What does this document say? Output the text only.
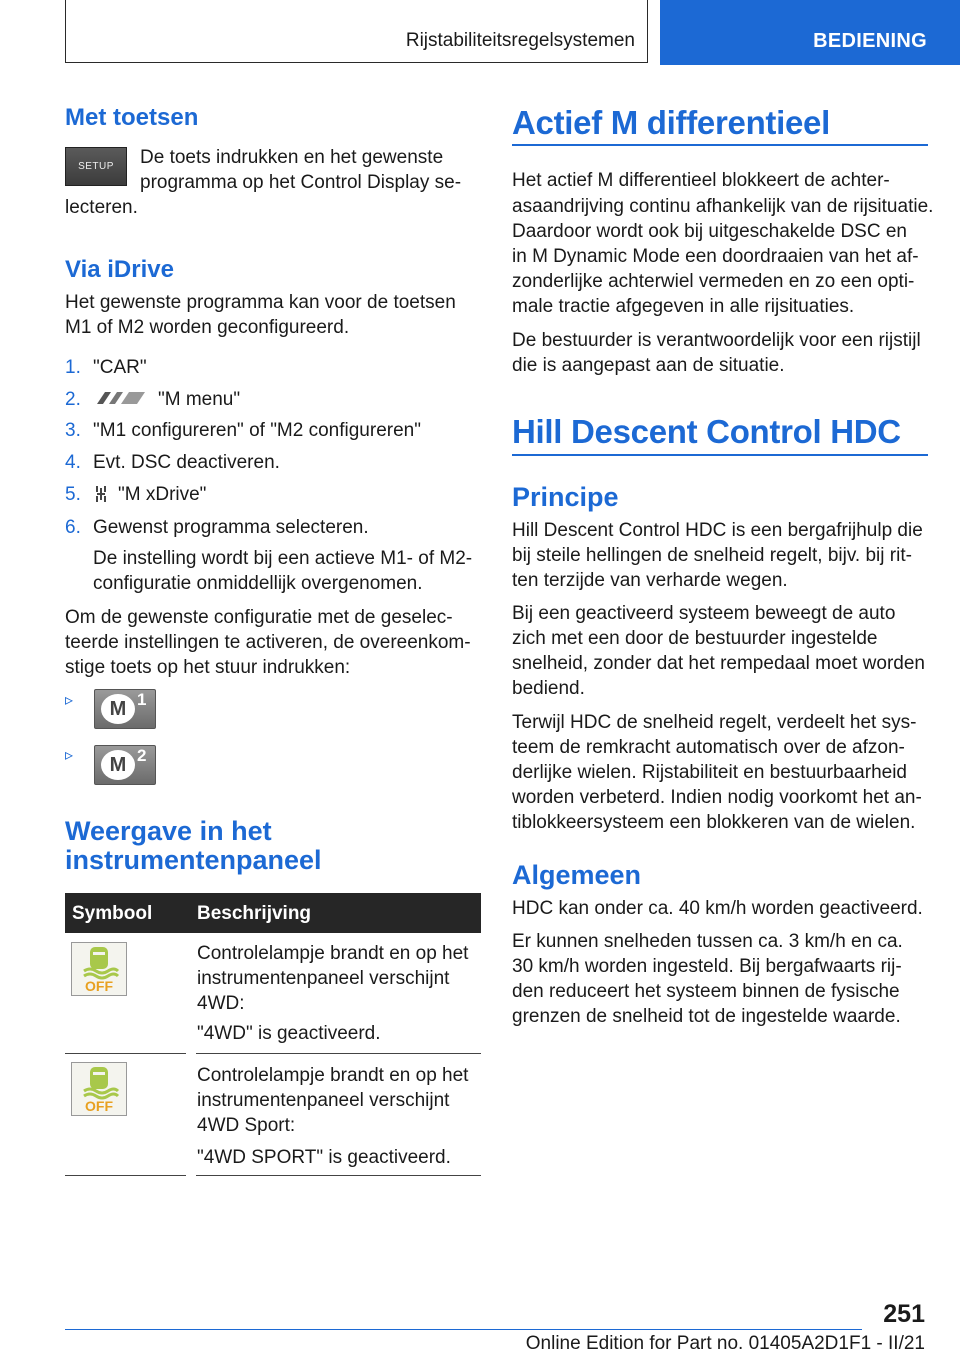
Rijstabiliteitsregelsystemen	BEDIENING
Met toetsen
SETUP	De toets indrukken en het gewenste
programma op het Control Display se-
lecteren.
Via iDrive
Het gewenste programma kan voor de toetsen
M1 of M2 worden geconfigureerd.
1. "CAR"
2.	"M menu"
3. "M1 configureren" of "M2 configureren"
4. Evt. DSC deactiveren.
5. "M xDrive"
6. Gewenst programma selecteren.
De instelling wordt bij een actieve M1- of M2-
configuratie onmiddellijk overgenomen.
Om de gewenste configuratie met de geselec-
teerde instellingen te activeren, de overeenkom-
stige toets op het stuur indrukken:
▹	M 1
▹	M 2
Weergave in het
instrumentenpaneel
Symbool Beschrijving
OFF
Controlelampje brandt en op het
instrumentenpaneel verschijnt
4WD:
"4WD" is geactiveerd.
OFF
Controlelampje brandt en op het
instrumentenpaneel verschijnt
4WD Sport:
"4WD SPORT" is geactiveerd.
Actief M differentieel
Het actief M differentieel blokkeert de achter-
asaandrijving continu afhankelijk van de rijsituatie.
Daardoor wordt ook bij uitgeschakelde DSC en
in M Dynamic Mode een doordraaien van het af-
zonderlijke achterwiel vermeden en zo een opti-
male tractie afgegeven in alle rijsituaties.
De bestuurder is verantwoordelijk voor een rijstijl
die is aangepast aan de situatie.
Hill Descent Control HDC
Principe
Hill Descent Control HDC is een bergafrijhulp die
bij steile hellingen de snelheid regelt, bijv. bij rit-
ten terzijde van verharde wegen.
Bij een geactiveerd systeem beweegt de auto
zich met een door de bestuurder ingestelde
snelheid, zonder dat het rempedaal moet worden
bediend.
Terwijl HDC de snelheid regelt, verdeelt het sys-
teem de remkracht automatisch over de afzon-
derlijke wielen. Rijstabiliteit en bestuurbaarheid
worden verbeterd. Indien nodig voorkomt het an-
tiblokkeersysteem een blokkeren van de wielen.
Algemeen
HDC kan onder ca. 40 km/h worden geactiveerd.
Er kunnen snelheden tussen ca. 3 km/h en ca.
30 km/h worden ingesteld. Bij bergafwaarts rij-
den reduceert het systeem binnen de fysische
grenzen de snelheid tot de ingestelde waarde.
251
Online Edition for Part no. 01405A2D1F1 - II/21
